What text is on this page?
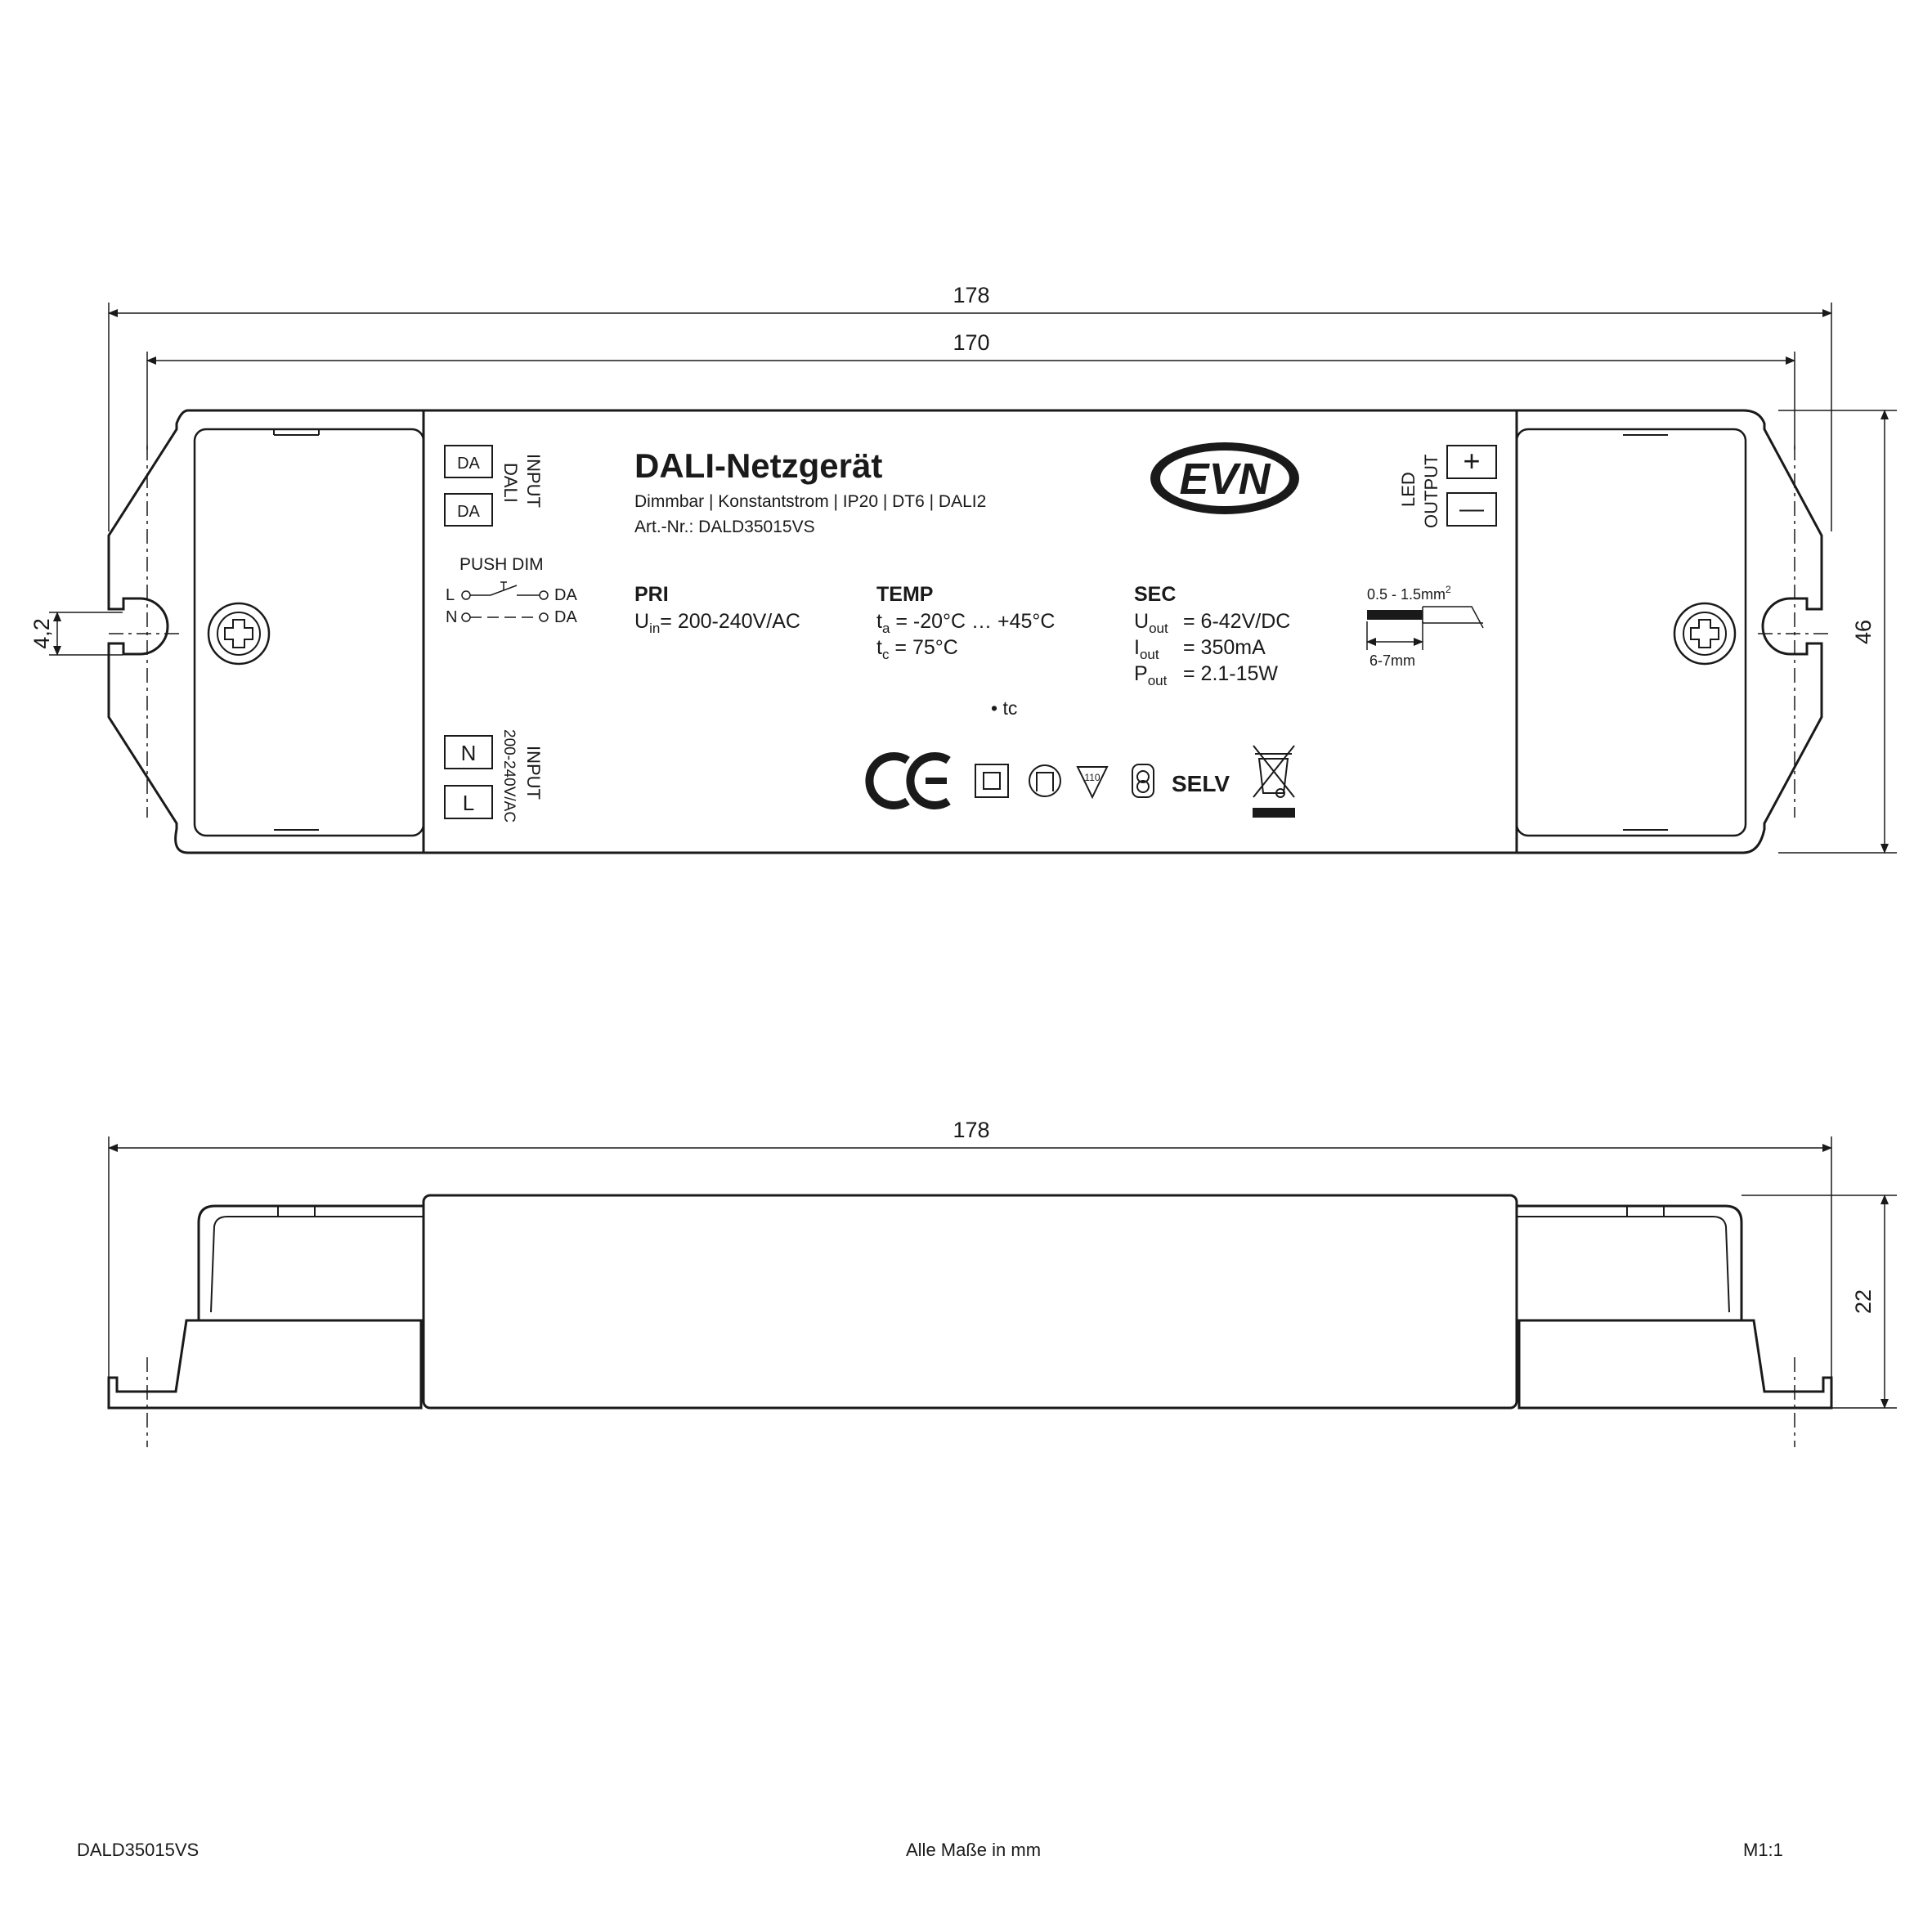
178
170
46
4,2
DA
DA
INPUT
DALI
PUSH DIM
L	DA
N	DA
N
L
INPUT
200-240V/AC
DALI-Netzgerät
Dimmbar | Konstantstrom | IP20 | DT6 | DALI2
Art.-Nr.: DALD35015VS
PRI
$U_{in}= 200-240V/AC$
TEMP
$t_a = -20^\circ C$ … +45°C
$t_c = 75^\circ C$
SEC
$U_{out} = 6-42V/DC$
$I_{out} = 350mA$
$P_{out} = 2.1-15W$
• tc
EVN	LED OUTPUT +
—
$0.5 - 1.5mm^2$
6-7mm
110	SELV
178
22
DALD35015VS	Alle Maße in mm	M1:1
